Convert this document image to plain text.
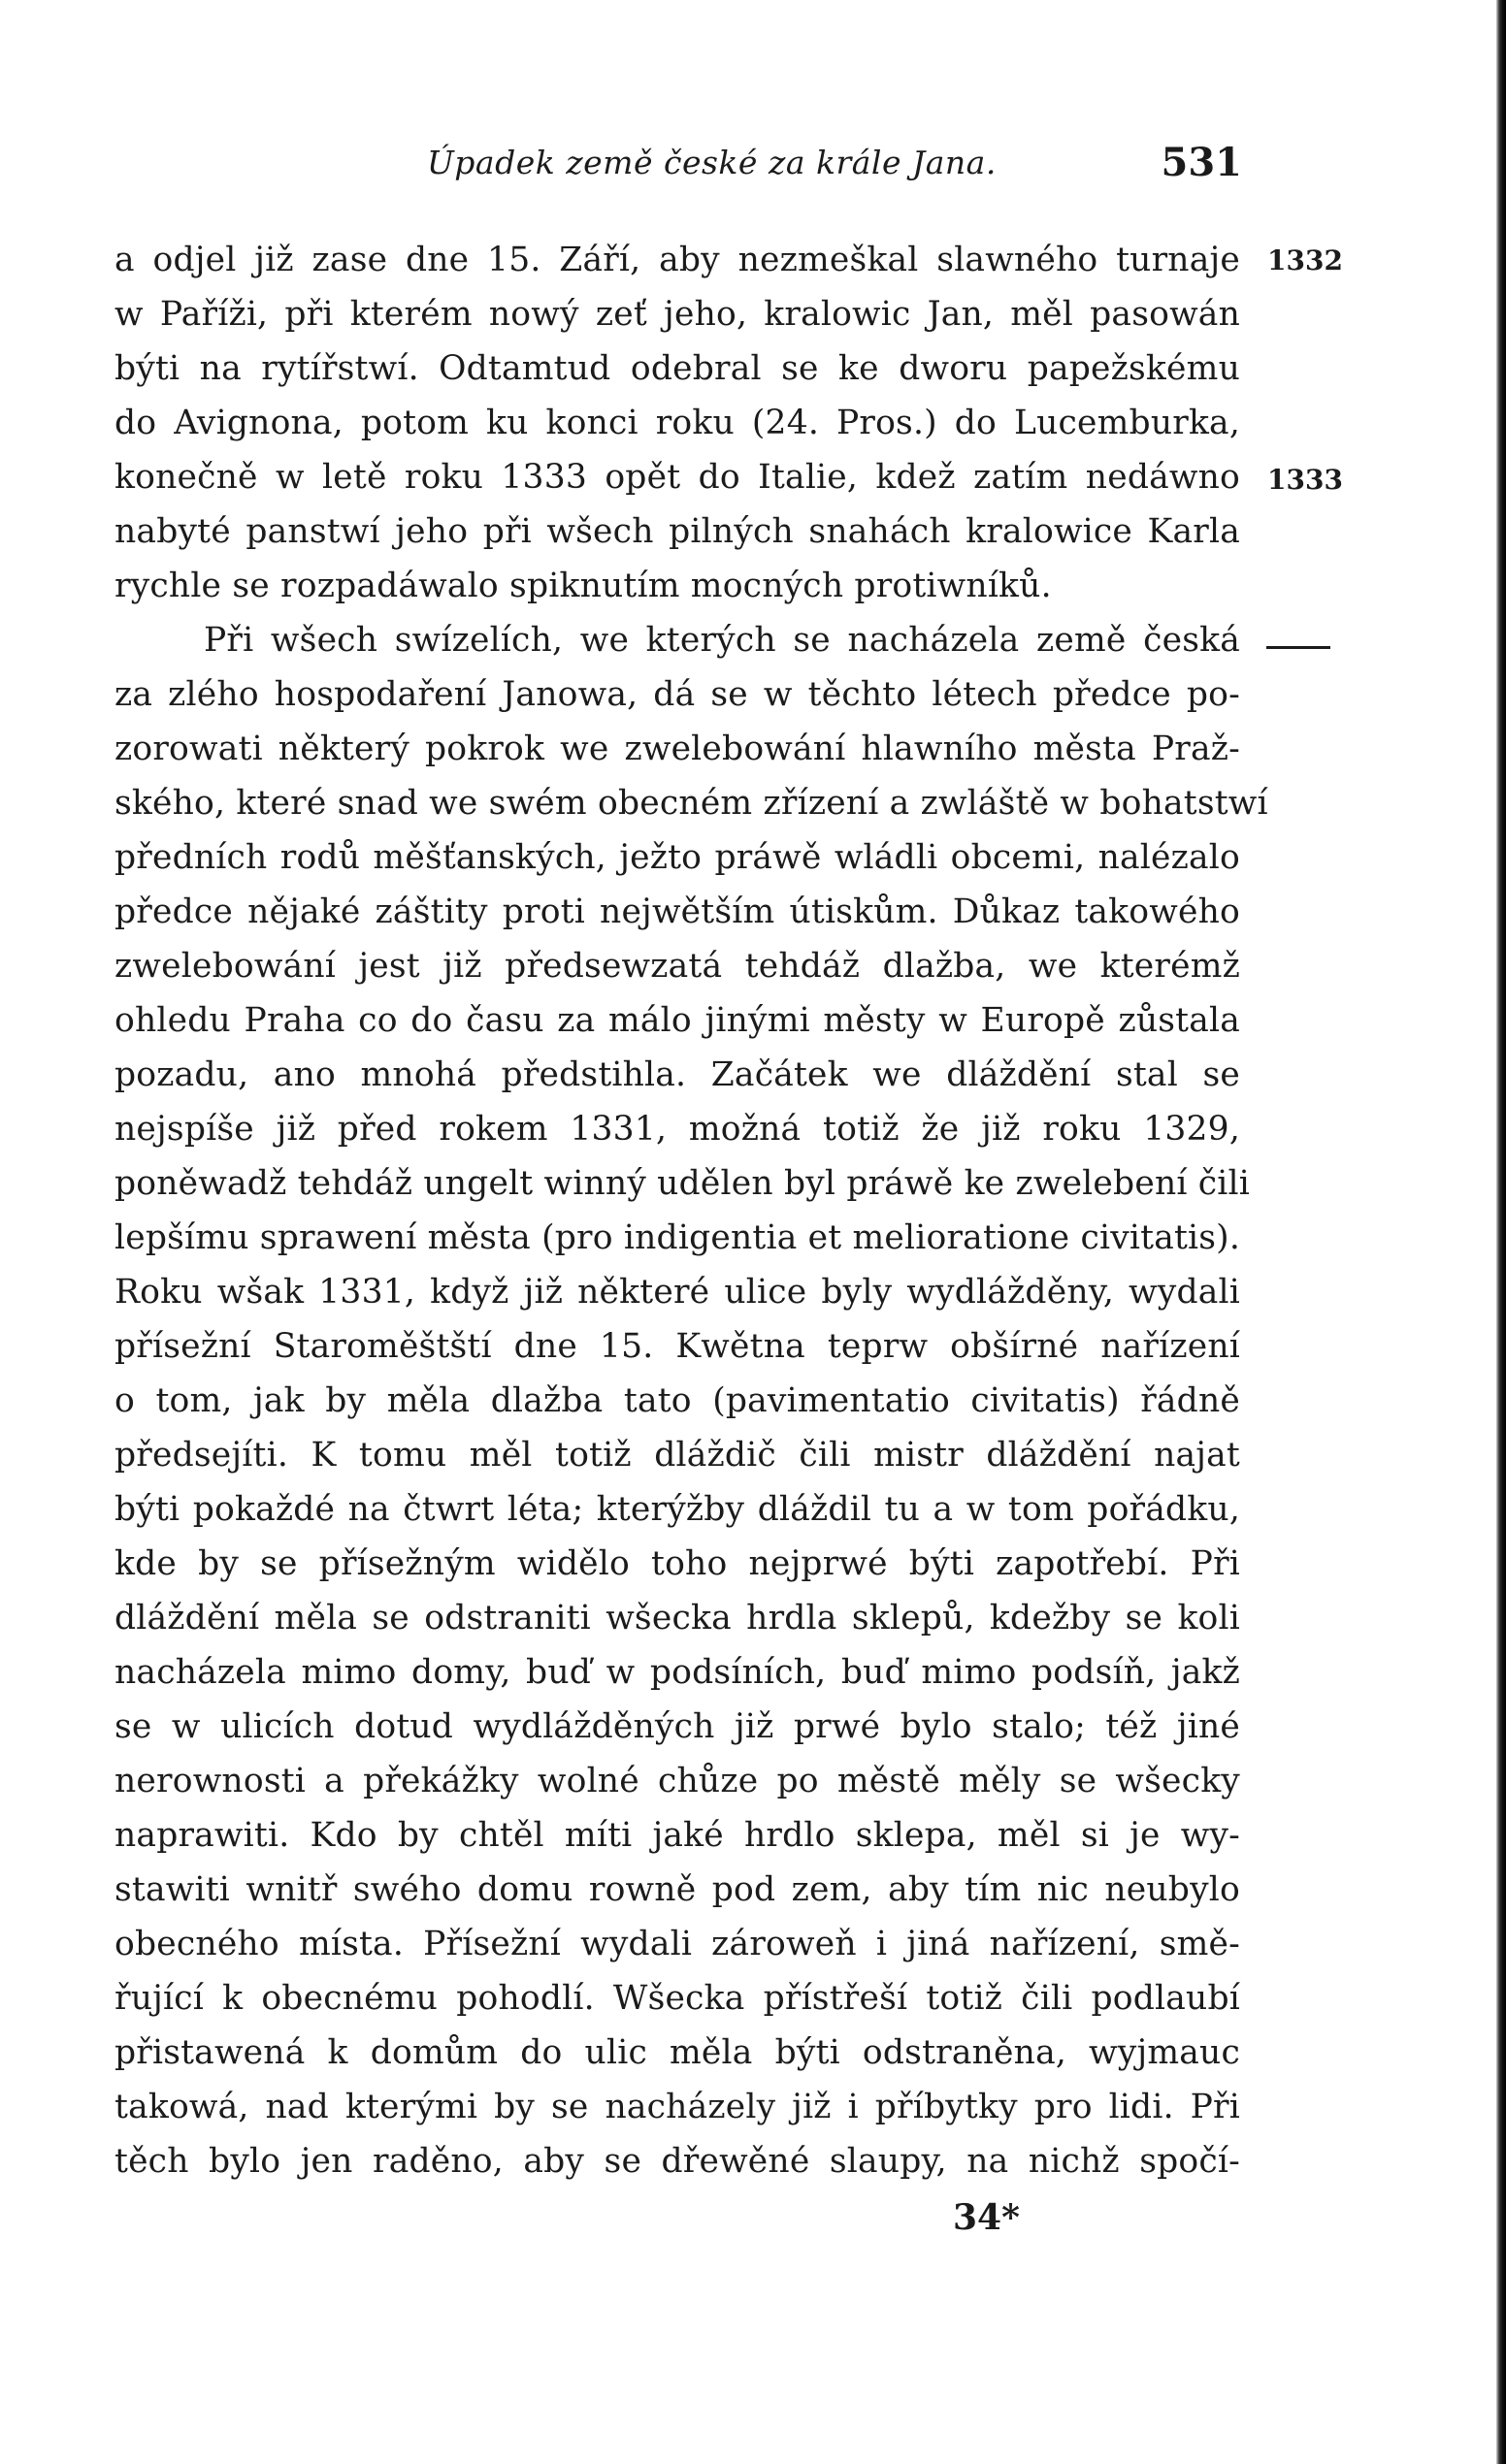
Úpadek země české za krále Jana.	531
1332
1333
a odjel již zase dne 15. Září, aby nezmeškal slawného turnaje
w Paříži, při kterém nowý zeť jeho, kralowic Jan, měl pasowán
býti na rytířstwí. Odtamtud odebral se ke dworu papežskému
do Avignona, potom ku konci roku (24. Pros.) do Lucemburka,
konečně w letě roku 1333 opět do Italie, kdež zatím nedáwno
nabyté panstwí jeho při wšech pilných snahách kralowice Karla
rychle se rozpadáwalo spiknutím mocných protiwníků.
Při wšech swízelích, we kterých se nacházela země česká
za zlého hospodaření Janowa, dá se w těchto létech předce po-
zorowati některý pokrok we zwelebowání hlawního města Praž-
ského, které snad we swém obecném zřízení a zwláště w bohatstwí
předních rodů měšťanských, ježto práwě wládli obcemi, nalézalo
předce nějaké záštity proti nejwětším útiskům. Důkaz takowého
zwelebowání jest již předsewzatá tehdáž dlažba, we kterémž
ohledu Praha co do času za málo jinými městy w Europě zůstala
pozadu, ano mnohá předstihla. Začátek we dláždění stal se
nejspíše již před rokem 1331, možná totiž že již roku 1329,
poněwadž tehdáž ungelt winný udělen byl práwě ke zwelebení čili
lepšímu sprawení města (pro indigentia et melioratione civitatis).
Roku wšak 1331, když již některé ulice byly wydlážděny, wydali
přísežní Staroměštští dne 15. Kwětna teprw obšírné nařízení
o tom, jak by měla dlažba tato (pavimentatio civitatis) řádně
předsejíti. K tomu měl totiž dláždič čili mistr dláždění najat
býti pokaždé na čtwrt léta; kterýžby dláždil tu a w tom pořádku,
kde by se přísežným widělo toho nejprwé býti zapotřebí. Při
dláždění měla se odstraniti wšecka hrdla sklepů, kdežby se koli
nacházela mimo domy, buď w podsíních, buď mimo podsíň, jakž
se w ulicích dotud wydlážděných již prwé bylo stalo; též jiné
nerownosti a překážky wolné chůze po městě měly se wšecky
naprawiti. Kdo by chtěl míti jaké hrdlo sklepa, měl si je wy-
stawiti wnitř swého domu rowně pod zem, aby tím nic neubylo
obecného místa. Přísežní wydali zároweň i jiná nařízení, smě-
řující k obecnému pohodlí. Wšecka přístřeší totiž čili podlaubí
přistawená k domům do ulic měla býti odstraněna, wyjmauc
takowá, nad kterými by se nacházely již i příbytky pro lidi. Při
těch bylo jen raděno, aby se dřewěné slaupy, na nichž spočí-
34*
